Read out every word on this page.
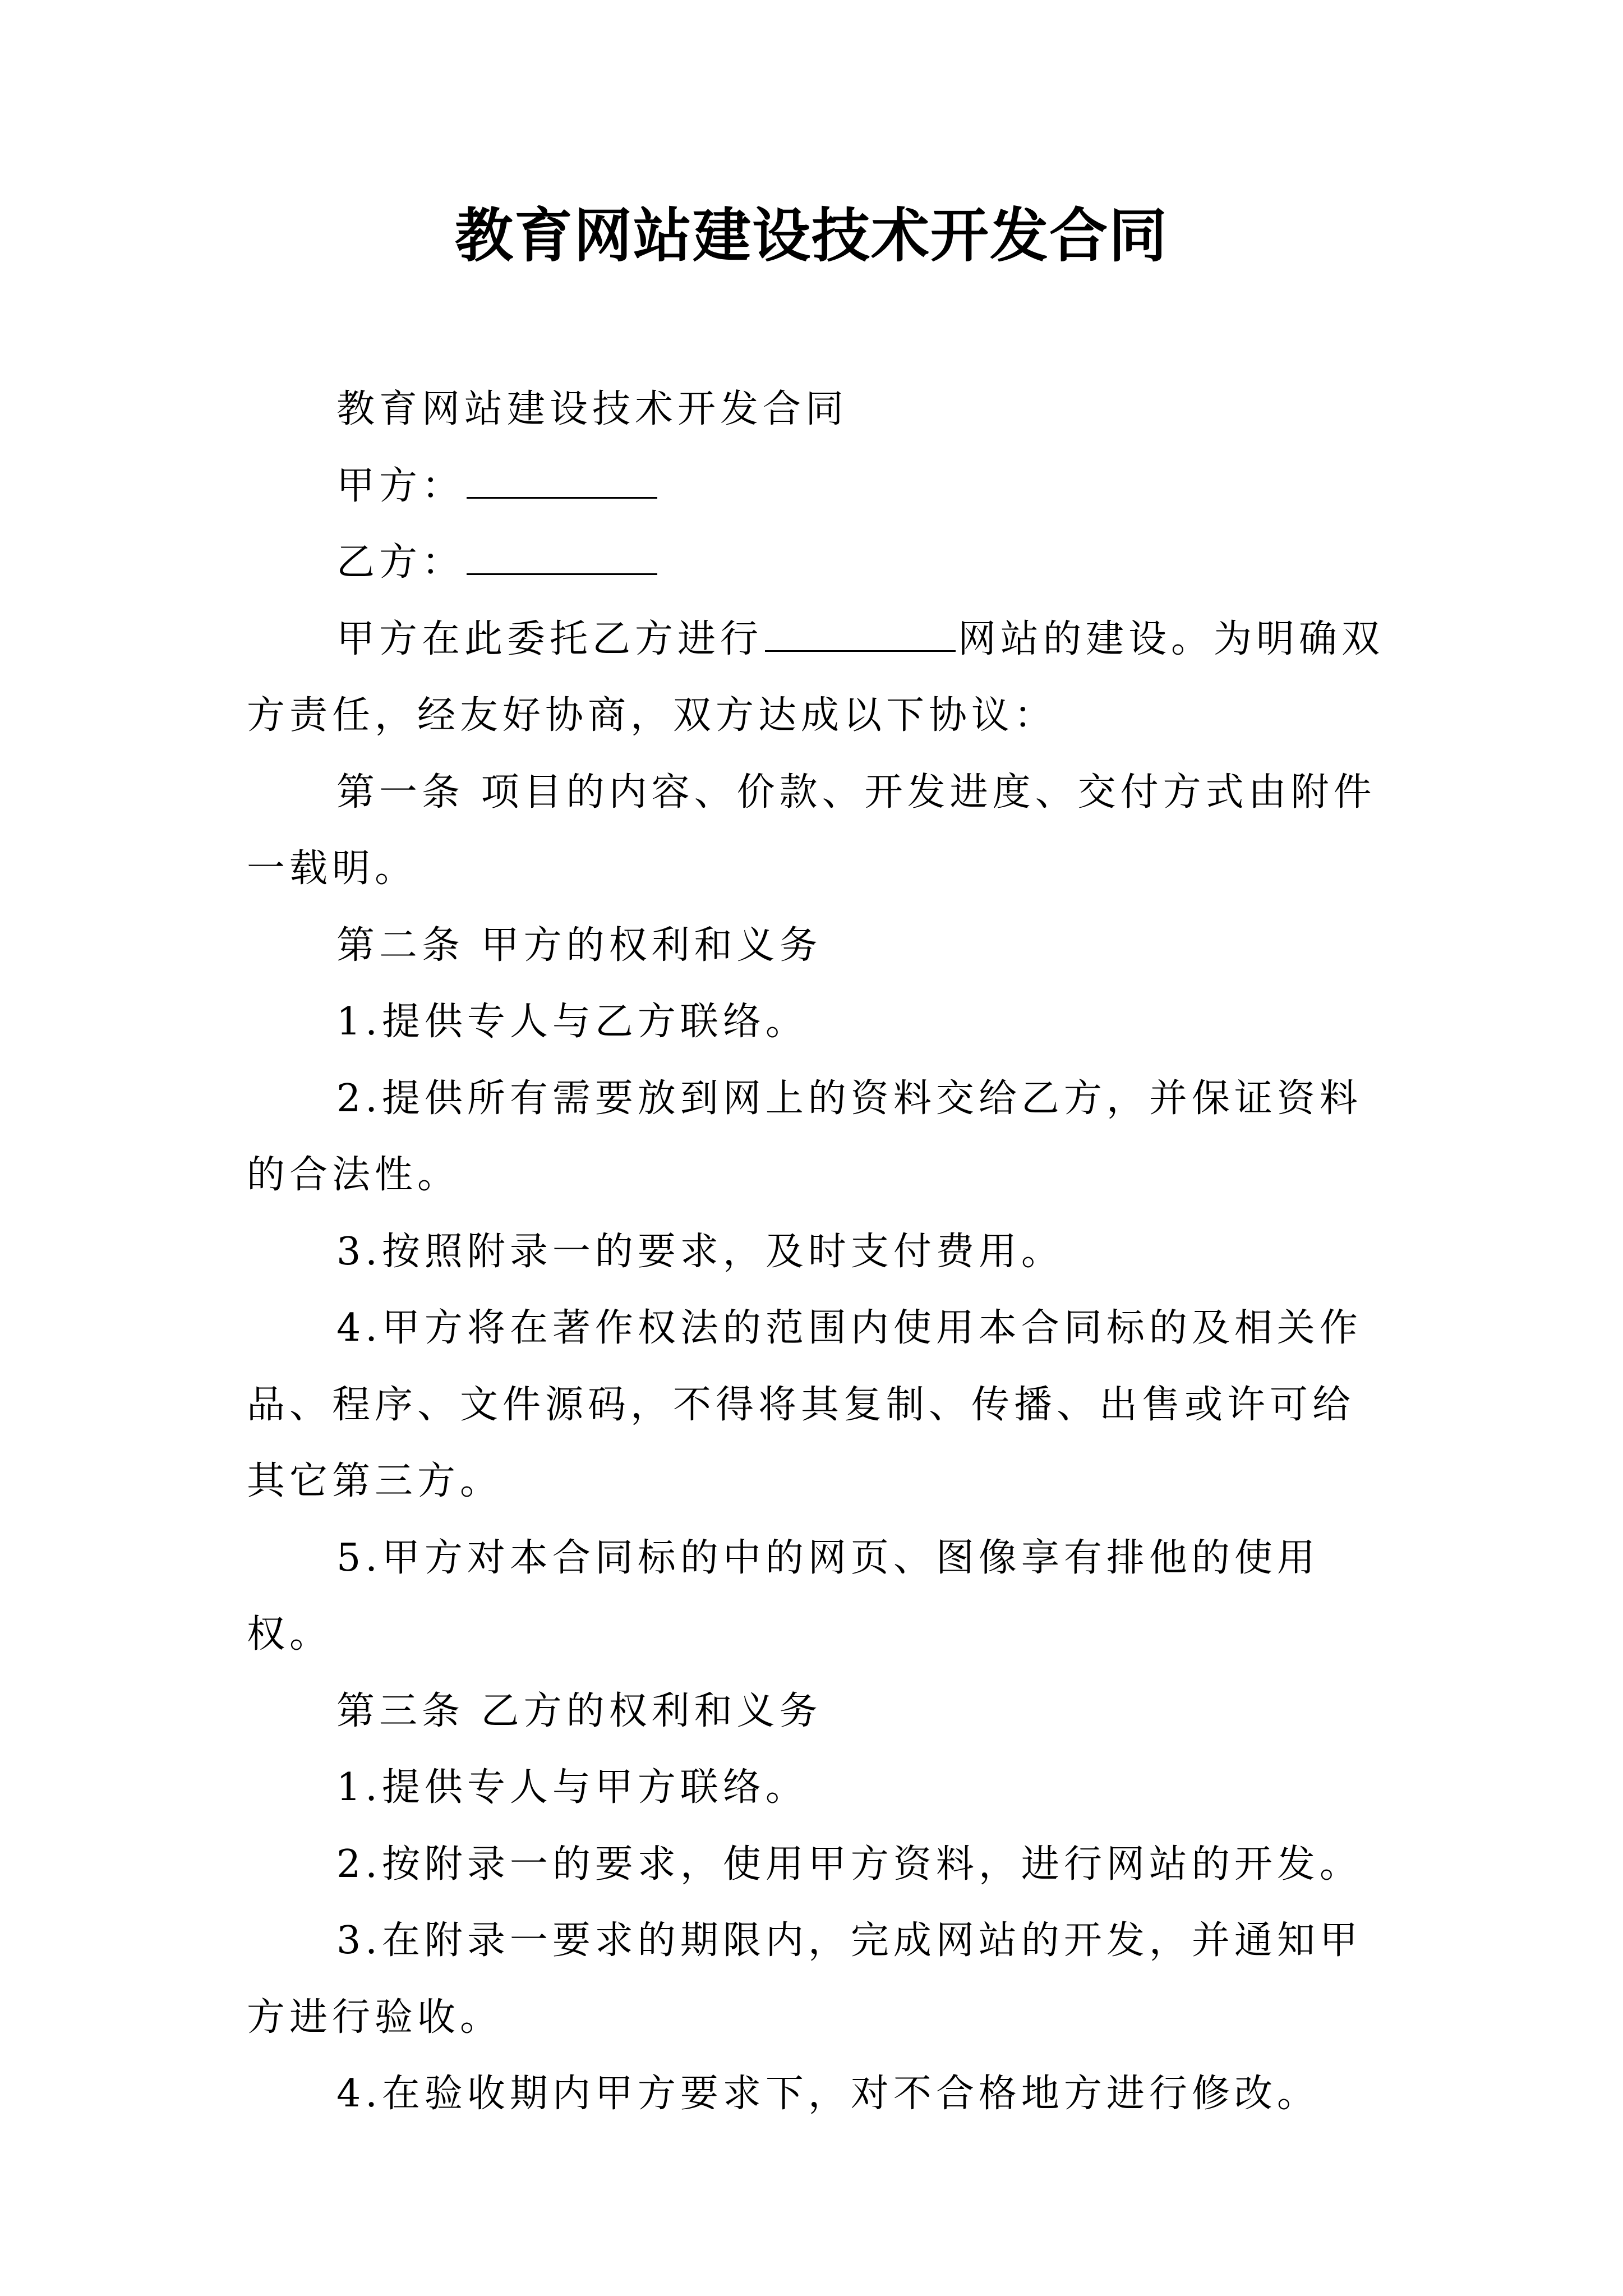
教育网站建设技术开发合同

教育网站建设技术开发合同

甲方：

乙方：

甲方在此委托乙方进行	网站的建设。为明确双方责任，经友好协商，双方达成以下协议：

第一条 项目的内容、价款、开发进度、交付方式由附件一载明。

第二条 甲方的权利和义务

1.提供专人与乙方联络。

2.提供所有需要放到网上的资料交给乙方，并保证资料的合法性。

3.按照附录一的要求，及时支付费用。

4.甲方将在著作权法的范围内使用本合同标的及相关作品、程序、文件源码，不得将其复制、传播、出售或许可给其它第三方。

5.甲方对本合同标的中的网页、图像享有排他的使用权。

第三条 乙方的权利和义务

1.提供专人与甲方联络。

2.按附录一的要求，使用甲方资料，进行网站的开发。

3.在附录一要求的期限内，完成网站的开发，并通知甲方进行验收。

4.在验收期内甲方要求下，对不合格地方进行修改。
